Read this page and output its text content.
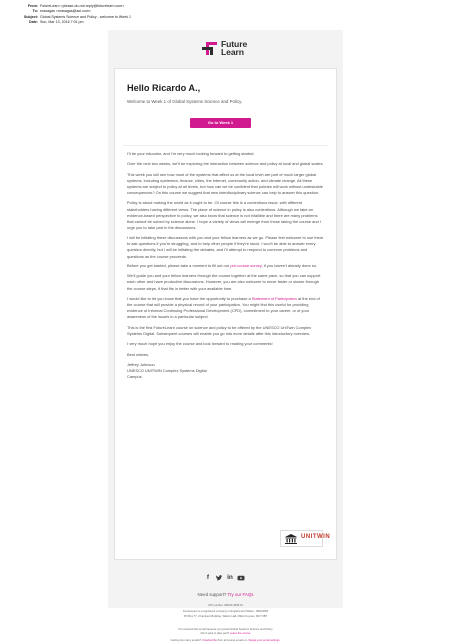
From: FutureLearn <please-do-not-reply@futurelearn.com>
To: rnasagas <rnasagas@aol.com>
Subject: Global Systems Science and Policy - welcome to Week 1
Date: Sun, Mar 13, 2016 7:01 pm
Future
Learn
Hello Ricardo A.,
Welcome to Week 1 of Global Systems Science and Policy.
Go to Week 1

I'll be your educator, and I'm very much looking forward to getting started.

Over the next two weeks, we'll be exploring the interaction between science and policy at local and global scales.

This week you will see how most of the systems that affect us at the local level are part of much larger global systems, including epidemics, finance, cities, the internet, community action, and climate change. All these systems are subject to policy at all levels, but how can we be confident that policies will work without undesirable consequences? On this course we suggest that new interdisciplinary science can help to answer this question.

Policy is about making the world as it ought to be. Of course this is a contentious issue, with different stakeholders having different views. The place of science in policy is also contentious. Although we take an evidence-based perspective to policy, we also know that science is not infallible and there are many problems that cannot be solved by science alone. I hope a variety of views will emerge from those taking the course and I urge you to take part in the discussions.

I will be initiating these discussions with you and your fellow learners as we go. Please feel welcome to use them to ask questions if you're struggling, and to help other people if they're stuck. I won't be able to answer every question directly, but I will be initiating the debates, and I'll attempt to respond to common problems and questions as the course proceeds.

Before you get started, please take a moment to fill out our pre-course survey, if you haven't already done so.

We'll guide you and your fellow learners through the course together at the same pace, so that you can support each other and have productive discussions. However, you are also welcome to move faster or slower through the course steps, if that fits in better with your available time.

I would like to let you know that you have the opportunity to purchase a Statement of Participation at the end of the course that will provide a physical record of your participation. You might find this useful for providing evidence of Informal Continuing Professional Development (CPD), commitment to your career, or of your awareness of the issues in a particular subject.

This is the first FutureLearn course on science and policy to be offered by the UNESCO UniTwin Complex Systems Digital. Subsequent courses will enable you go into more details after this introductory overview.

I very much hope you enjoy the course and look forward to reading your comments!

Best wishes,

Jeffrey Johnson
UNESCO UNITWIN Complex Systems Digital
Campus
UNITWIN
f	in
Need support? Try our FAQs
VAT number: GB166 3068 61
FutureLearn is a registered company in England and Wales - 08324083
PO Box 77, Chambers Building, Walton Hall, Milton Keynes, MK7 6BT
You received this email because you joined Global Systems Science and Policy.
Don't want to take part? Leave the course
Getting too many emails? Unsubscribe from all course emails or change your email settings.
